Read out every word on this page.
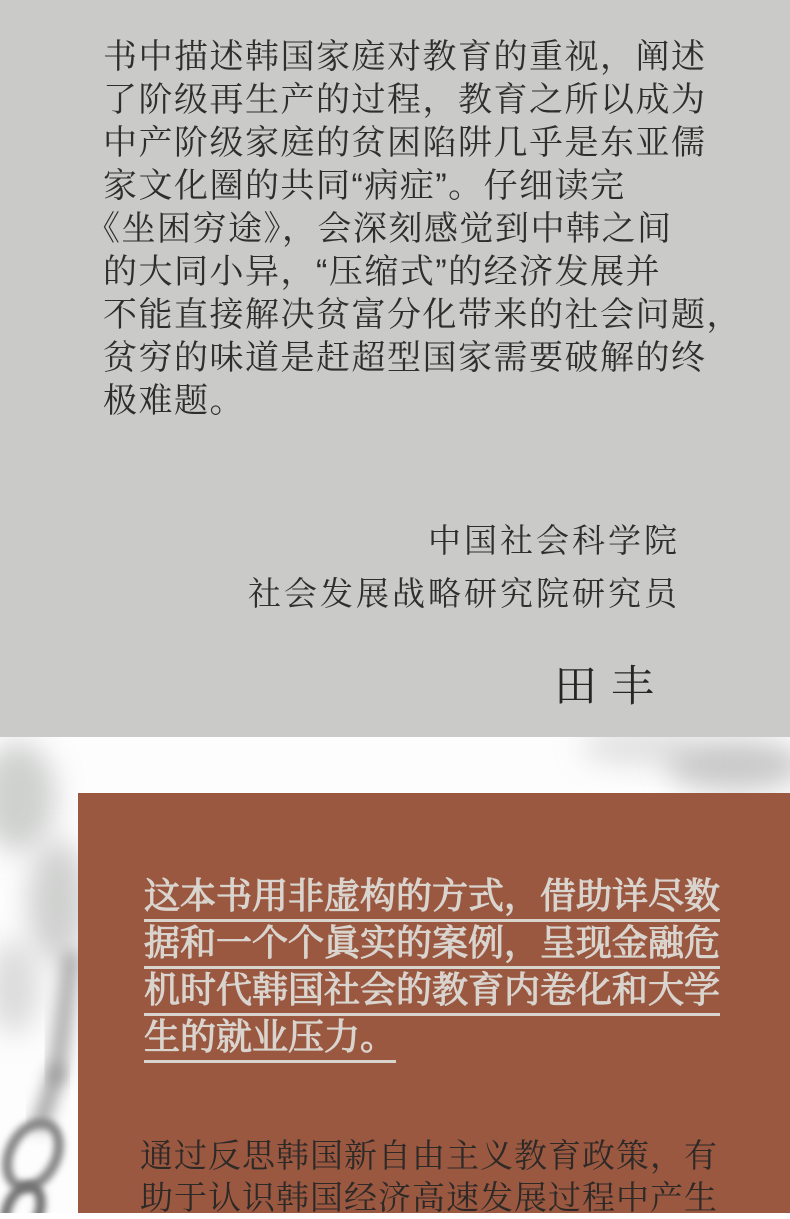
书中描述韩国家庭对教育的重视，阐述
了阶级再生产的过程，教育之所以成为
中产阶级家庭的贫困陷阱几乎是东亚儒
家文化圈的共同“病症”。仔细读完
《坐困穷途》，会深刻感觉到中韩之间
的大同小异，“压缩式”的经济发展并
不能直接解决贫富分化带来的社会问题，
贫穷的味道是赶超型国家需要破解的终
极难题。
中国社会科学院
社会发展战略研究院研究员
田丰
这本书用非虚构的方式，借助详尽数
据和一个个眞实的案例，呈现金融危
机时代韩国社会的教育内卷化和大学
生的就业压力。
通过反思韩国新自由主义教育政策，有
助于认识韩国经济高速发展过程中产生
